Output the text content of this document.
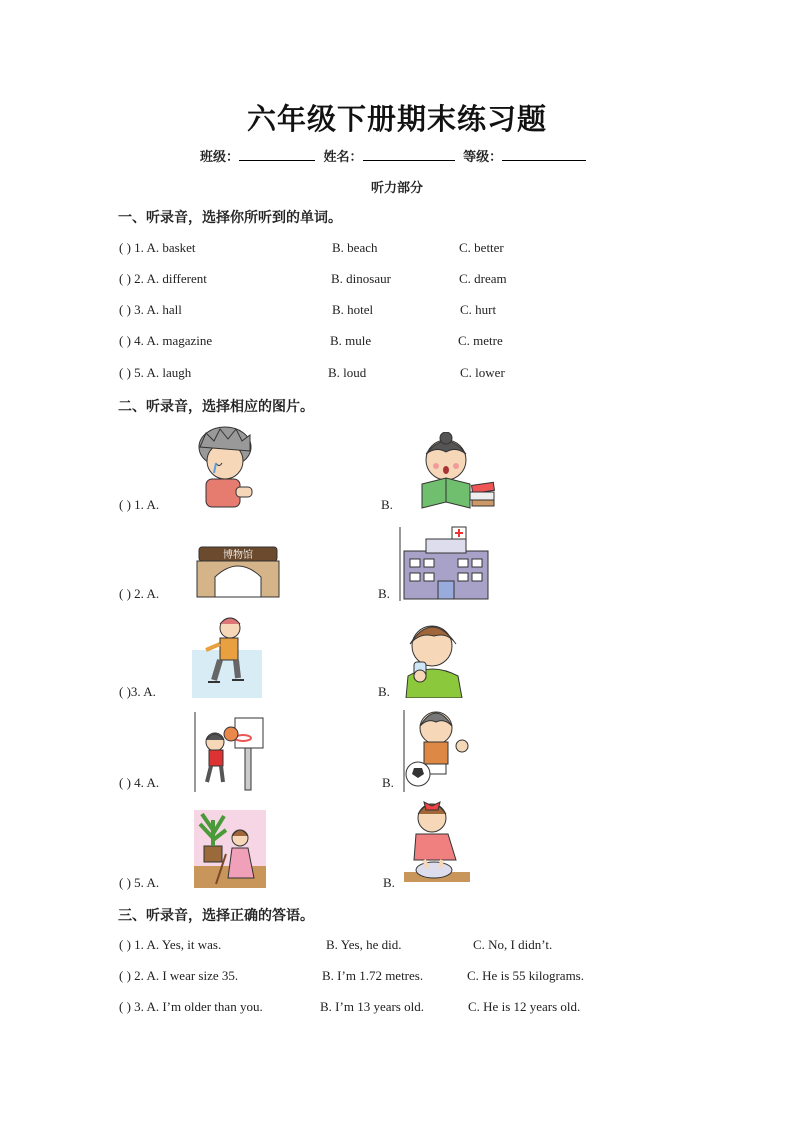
六年级下册期末练习题
班级：	姓名：	等级：
听力部分
一、听录音，选择你所听到的单词。
( ) 1. A. basket	B. beach	C. better
( ) 2. A. different	B. dinosaur	C. dream
( ) 3. A. hall	B. hotel	C. hurt
( ) 4. A. magazine	B. mule	C. metre
( ) 5. A. laugh	B. loud	C. lower
二、听录音，选择相应的图片。
( ) 1. A.	B.
( ) 2. A.
博物馆
B.
( )3. A.	B.
( ) 4. A.	B.
( ) 5. A.	B.
三、听录音，选择正确的答语。
( ) 1. A. Yes, it was.	B. Yes, he did.	C. No, I didn’t.
( ) 2. A. I wear size 35.	B. I’m 1.72 metres.	C. He is 55 kilograms.
( ) 3. A. I’m older than you.	B. I’m 13 years old.	C. He is 12 years old.
